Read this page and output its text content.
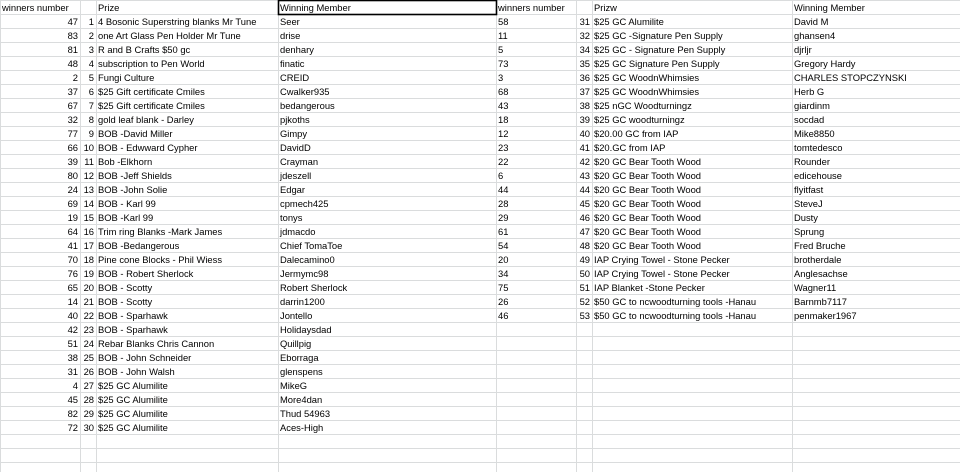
winners number	Prize	Winning Member	winners number	Prizw	Winning Member
47	1 4 Bosonic Superstring blanks Mr Tune	Seer
83	2 one Art Glass Pen Holder Mr Tune	drise
81	3 R and B Crafts $50 gc	denhary
48	4 subscription to Pen World	finatic
2	5 Fungi Culture	CREID
37	6 $25 Gift certificate Cmiles	Cwalker935
67	7 $25 Gift certificate Cmiles	bedangerous
32	8 gold leaf blank - Darley	pjkoths
77	9 BOB -David Miller	Gimpy
66 10 BOB - Edwward Cypher	DavidD
39 11 Bob -Elkhorn	Crayman
80 12 BOB -Jeff Shields	jdeszell
24 13 BOB -John Solie	Edgar
69 14 BOB - Karl 99	cpmech425
19 15 BOB -Karl 99	tonys
64 16 Trim ring Blanks -Mark James	jdmacdo
41 17 BOB -Bedangerous	Chief TomaToe
70 18 Pine cone Blocks - Phil Wiess	Dalecamino0
76 19 BOB - Robert Sherlock	Jermymc98
65 20 BOB - Scotty	Robert Sherlock
14 21 BOB - Scotty	darrin1200
40 22 BOB - Sparhawk	Jontello
42 23 BOB - Sparhawk	Holidaysdad
51 24 Rebar Blanks Chris Cannon	Quillpig
38 25 BOB - John Schneider	Eborraga
31 26 BOB - John Walsh	glenspens
4 27 $25 GC Alumilite	MikeG
45 28 $25 GC Alumilite	More4dan
82 29 $25 GC Alumilite	Thud 54963
72 30 $25 GC Alumilite	Aces-High
58	31 $25 GC Alumilite	David M
11	32 $25 GC -Signature Pen Supply	ghansen4
5	34 $25 GC - Signature Pen Supply	djrljr
73	35 $25 GC Signature Pen Supply	Gregory Hardy
3	36 $25 GC WoodnWhimsies	CHARLES STOPCZYNSKI
68	37 $25 GC WoodnWhimsies	Herb G
43	38 $25 nGC Woodturningz	giardinm
18	39 $25 GC woodturningz	socdad
12	40 $20.00 GC from IAP	Mike8850
23	41 $20.GC from IAP	tomtedesco
22	42 $20 GC Bear Tooth Wood	Rounder
6	43 $20 GC Bear Tooth Wood	edicehouse
44	44 $20 GC Bear Tooth Wood	flyitfast
28	45 $20 GC Bear Tooth Wood	SteveJ
29	46 $20 GC Bear Tooth Wood	Dusty
61	47 $20 GC Bear Tooth Wood	Sprung
54	48 $20 GC Bear Tooth Wood	Fred Bruche
20	49 IAP Crying Towel - Stone Pecker	brotherdale
34	50 IAP Crying Towel - Stone Pecker	Anglesachse
75	51 IAP Blanket -Stone Pecker	Wagner11
26	52 $50 GC to ncwoodturning tools -Hanau	Barnmb7117
46	53 $50 GC to ncwoodturning tools -Hanau	penmaker1967
